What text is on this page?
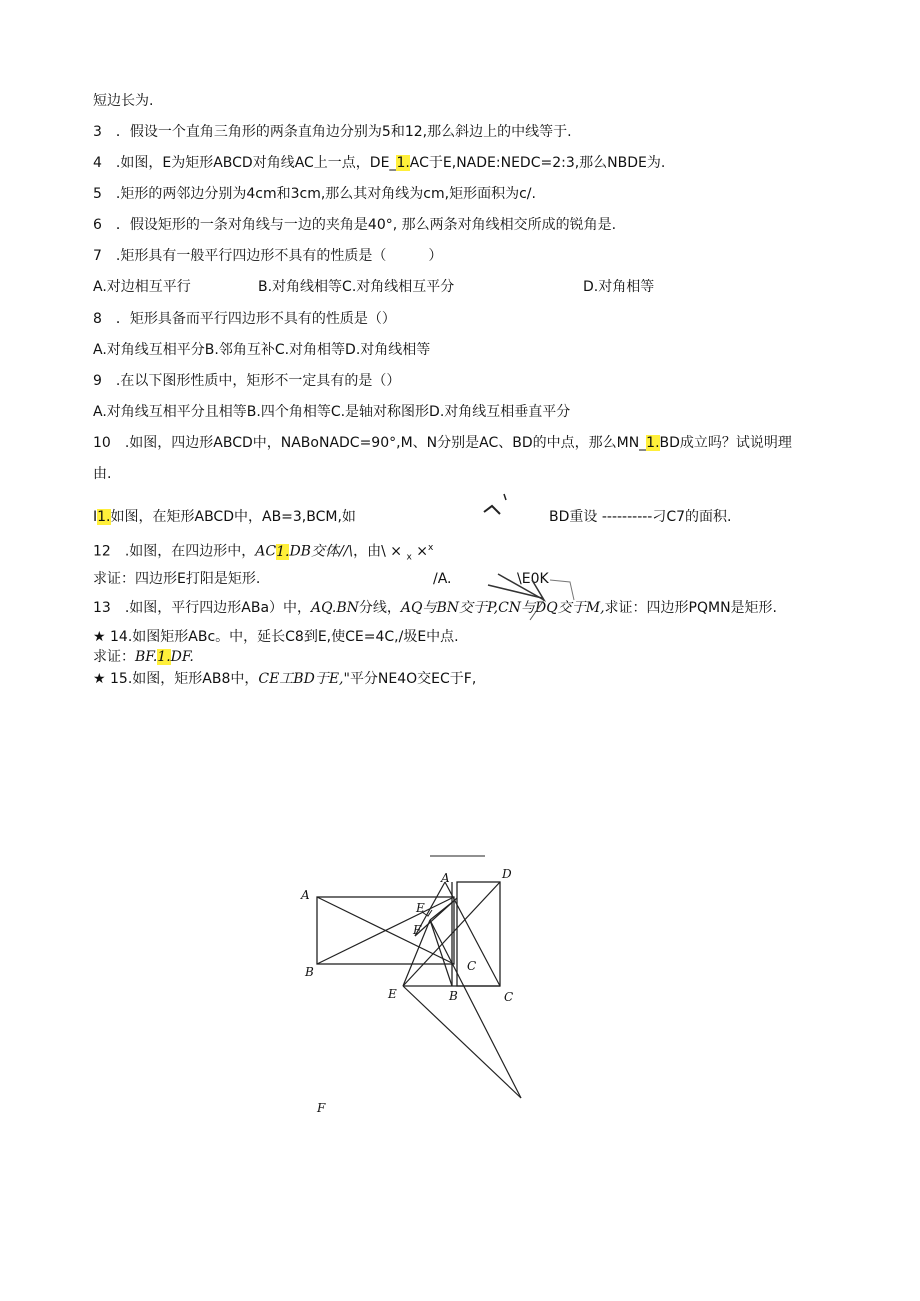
短边长为.
3　．假设一个直角三角形的两条直角边分别为5和12,那么斜边上的中线等于.
4　.如图，E为矩形ABCD对角线AC上一点，DE_1.AC于E,NADE:NEDC=2:3,那么NBDE为.
5　.矩形的两邻边分别为4cm和3cm,那么其对角线为cm,矩形面积为c/.
6　．假设矩形的一条对角线与一边的夹角是40°, 那么两条对角线相交所成的锐角是.
7　.矩形具有一般平行四边形不具有的性质是（　　　）
A.对边相互平行	B.对角线相等C.对角线相互平分	D.对角相等
8　．矩形具备而平行四边形不具有的性质是（）
A.对角线互相平分B.邻角互补C.对角相等D.对角线相等
9　.在以下图形性质中，矩形不一定具有的是（）
A.对角线互相平分且相等B.四个角相等C.是轴对称图形D.对角线互相垂直平分
10　.如图，四边形ABCD中，NABoNADC=90°,M、N分别是AC、BD的中点，那么MN_1.BD成立吗？试说明理
由.
I1.如图，在矩形ABCD中，AB=3,BCM,如	BD重设 ----------刁C7的面积.
12　.如图，在四边形中，AC1.DB交体//\，由\ × $_x$ ×$^x$
求证：四边形E打阳是矩形.	/A.	\E0K
13　.如图，平行四边形ABa）中，AQ.BN分线，AQ与BN交于P,CN与DQ交于M,求证：四边形PQMN是矩形.
★ 14.如图矩形ABc。中，延长C8到E,使CE=4C,/圾E中点.
求证：BF.1.DF.
★ 15.如图，矩形AB8中，CE工BD于E,"平分NE4O交EC于F,
A
B
A	D
E
F
C
E	B	C
F
